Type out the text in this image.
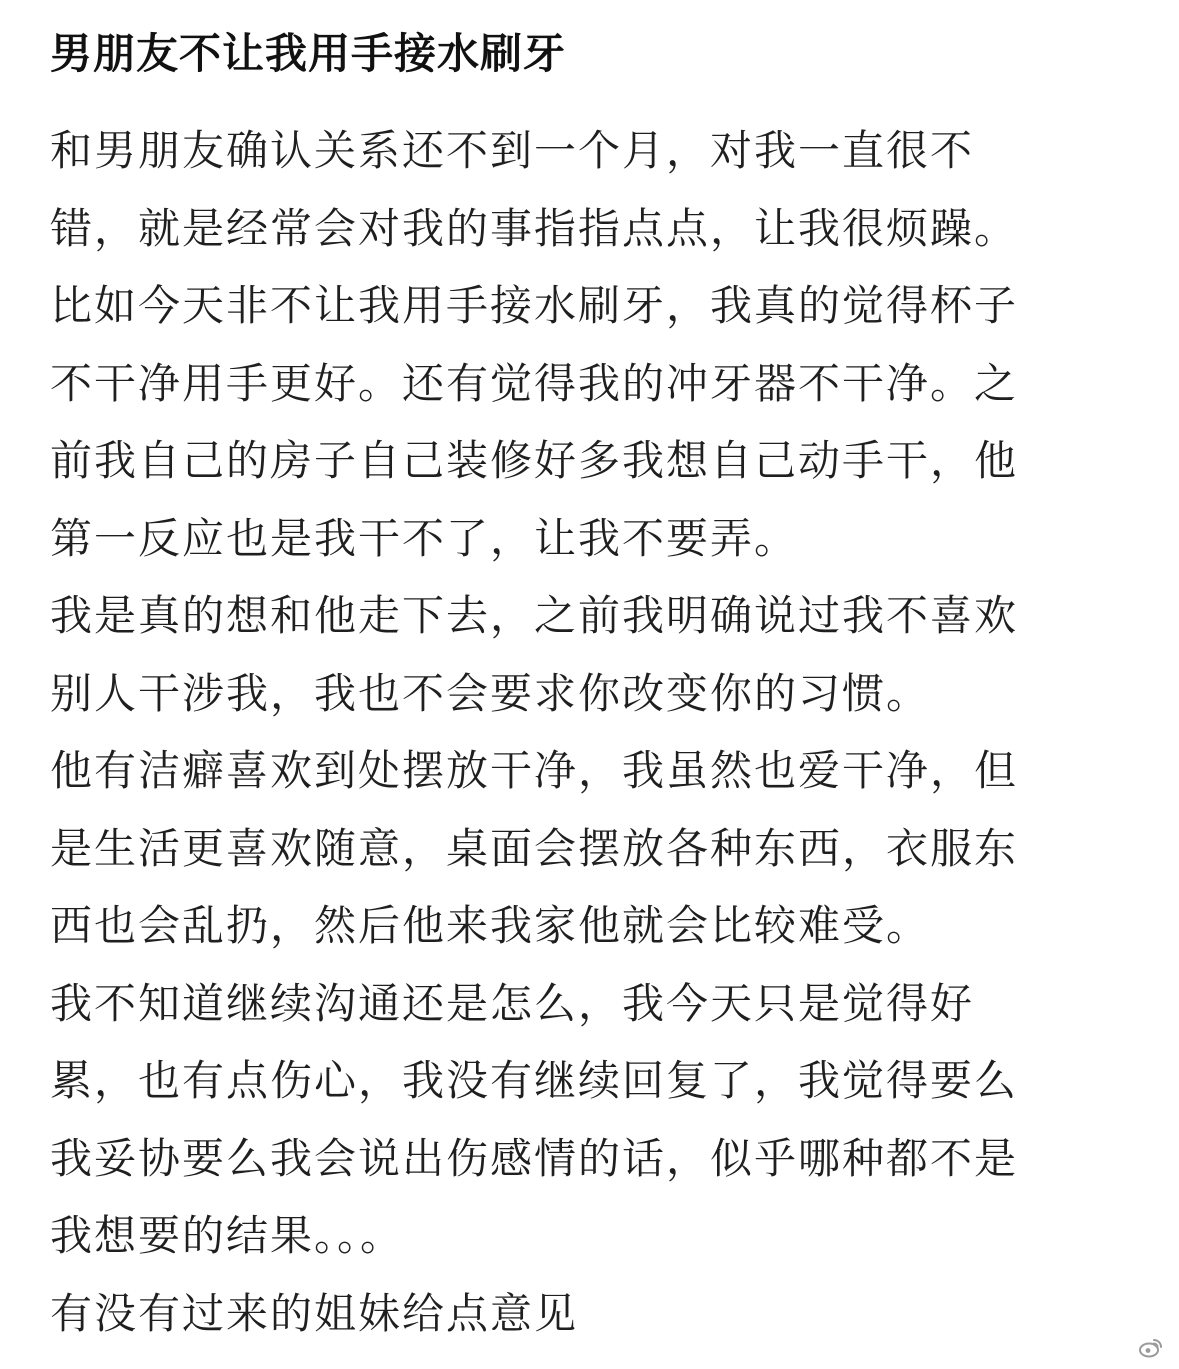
男朋友不让我用手接水刷牙
和男朋友确认关系还不到一个月，对我一直很不
错，就是经常会对我的事指指点点，让我很烦躁。
比如今天非不让我用手接水刷牙，我真的觉得杯子
不干净用手更好。还有觉得我的冲牙器不干净。之
前我自己的房子自己装修好多我想自己动手干，他
第一反应也是我干不了，让我不要弄。
我是真的想和他走下去，之前我明确说过我不喜欢
别人干涉我，我也不会要求你改变你的习惯。
他有洁癖喜欢到处摆放干净，我虽然也爱干净，但
是生活更喜欢随意，桌面会摆放各种东西，衣服东
西也会乱扔，然后他来我家他就会比较难受。
我不知道继续沟通还是怎么，我今天只是觉得好
累，也有点伤心，我没有继续回复了，我觉得要么
我妥协要么我会说出伤感情的话，似乎哪种都不是
我想要的结果。。。
有没有过来的姐妹给点意见
